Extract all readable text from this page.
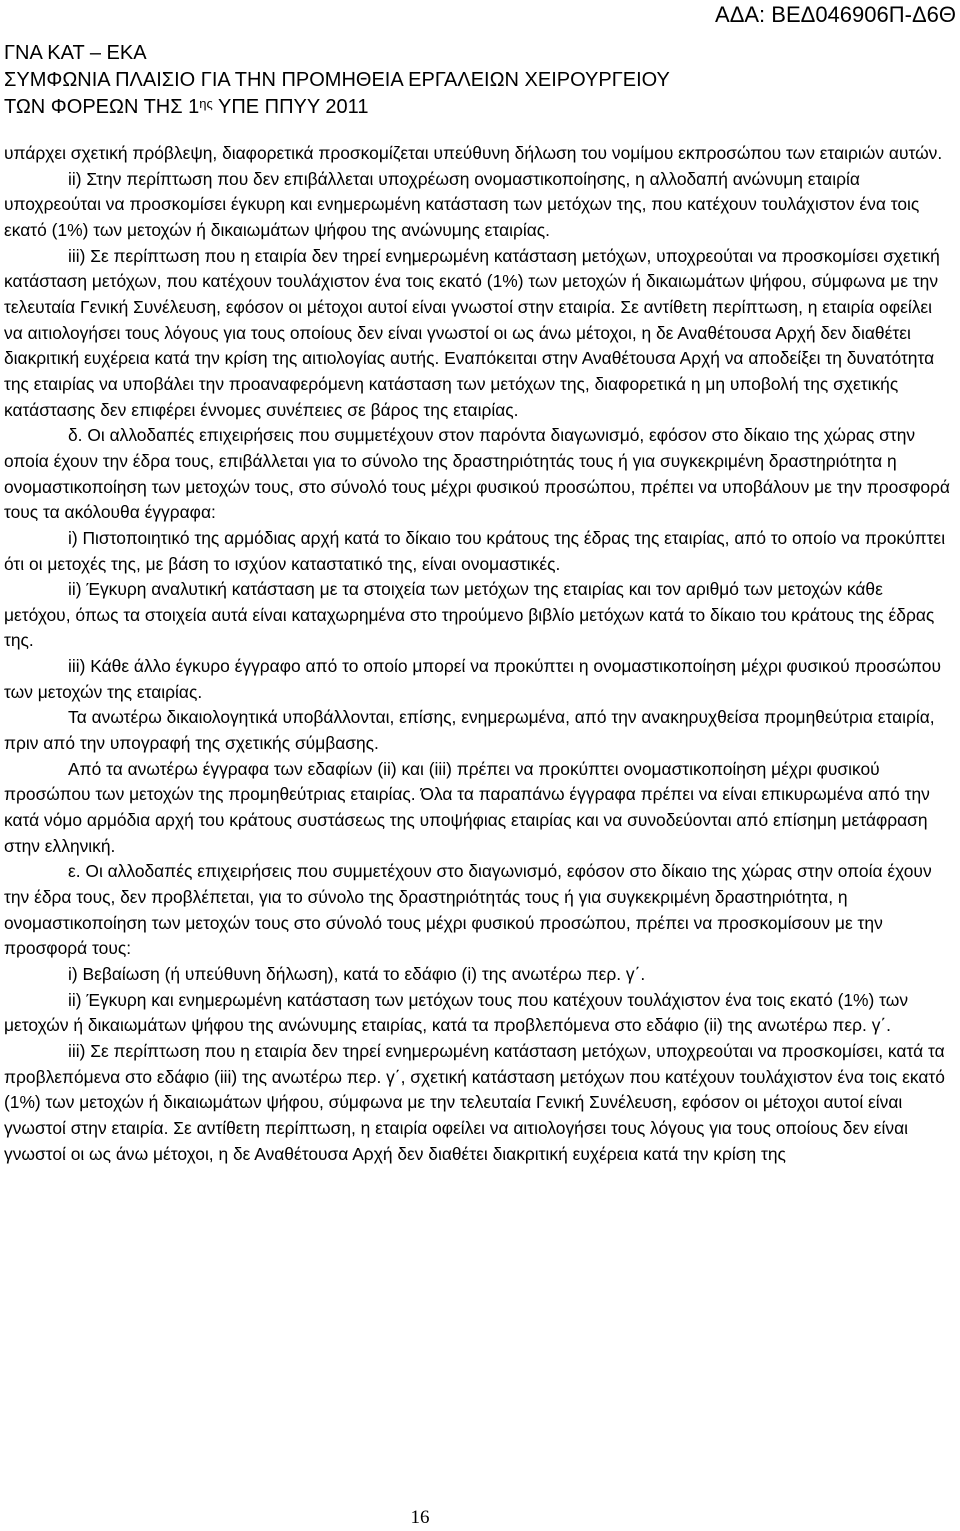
ΑΔΑ: ΒΕΔ046906Π-Δ6Θ
ΓΝΑ ΚΑΤ – ΕΚΑ
ΣΥΜΦΩΝΙΑ ΠΛΑΙΣΙΟ ΓΙΑ ΤΗΝ ΠΡΟΜΗΘΕΙΑ ΕΡΓΑΛΕΙΩΝ ΧΕΙΡΟΥΡΓΕΙΟΥ
ΤΩΝ ΦΟΡΕΩΝ ΤΗΣ $1^{\eta\varsigma}$ ΥΠΕ ΠΠΥΥ 2011

υπάρχει σχετική πρόβλεψη, διαφορετικά προσκομίζεται υπεύθυνη δήλωση του νομίμου εκπροσώπου των εταιριών αυτών.

ii) Στην περίπτωση που δεν επιβάλλεται υποχρέωση ονομαστικοποίησης, η αλλοδαπή ανώνυμη εταιρία υποχρεούται να προσκομίσει έγκυρη και ενημερωμένη κατάσταση των μετόχων της, που κατέχουν τουλάχιστον ένα τοις εκατό (1%) των μετοχών ή δικαιωμάτων ψήφου της ανώνυμης εταιρίας.

iii) Σε περίπτωση που η εταιρία δεν τηρεί ενημερωμένη κατάσταση μετόχων, υποχρεούται να προσκομίσει σχετική κατάσταση μετόχων, που κατέχουν τουλάχιστον ένα τοις εκατό (1%) των μετοχών ή δικαιωμάτων ψήφου, σύμφωνα με την τελευταία Γενική Συνέλευση, εφόσον οι μέτοχοι αυτοί είναι γνωστοί στην εταιρία. Σε αντίθετη περίπτωση, η εταιρία οφείλει να αιτιολογήσει τους λόγους για τους οποίους δεν είναι γνωστοί οι ως άνω μέτοχοι, η δε Αναθέτουσα Αρχή δεν διαθέτει διακριτική ευχέρεια κατά την κρίση της αιτιολογίας αυτής. Εναπόκειται στην Αναθέτουσα Αρχή να αποδείξει τη δυνατότητα της εταιρίας να υποβάλει την προαναφερόμενη κατάσταση των μετόχων της, διαφορετικά η μη υποβολή της σχετικής κατάστασης δεν επιφέρει έννομες συνέπειες σε βάρος της εταιρίας.

δ. Οι αλλοδαπές επιχειρήσεις που συμμετέχουν στον παρόντα διαγωνισμό, εφόσον στο δίκαιο της χώρας στην οποία έχουν την έδρα τους, επιβάλλεται για το σύνολο της δραστηριότητάς τους ή για συγκεκριμένη δραστηριότητα η ονομαστικοποίηση των μετοχών τους, στο σύνολό τους μέχρι φυσικού προσώπου, πρέπει να υποβάλουν με την προσφορά τους τα ακόλουθα έγγραφα:

i) Πιστοποιητικό της αρμόδιας αρχή κατά το δίκαιο του κράτους της έδρας της εταιρίας, από το οποίο να προκύπτει ότι οι μετοχές της, με βάση το ισχύον καταστατικό της, είναι ονομαστικές.

ii) Έγκυρη αναλυτική κατάσταση με τα στοιχεία των μετόχων της εταιρίας και τον αριθμό των μετοχών κάθε μετόχου, όπως τα στοιχεία αυτά είναι καταχωρημένα στο τηρούμενο βιβλίο μετόχων κατά το δίκαιο του κράτους της έδρας της.

iii) Κάθε άλλο έγκυρο έγγραφο από το οποίο μπορεί να προκύπτει η ονομαστικοποίηση μέχρι φυσικού προσώπου των μετοχών της εταιρίας.

Τα ανωτέρω δικαιολογητικά υποβάλλονται, επίσης, ενημερωμένα, από την ανακηρυχθείσα προμηθεύτρια εταιρία, πριν από την υπογραφή της σχετικής σύμβασης.

Από τα ανωτέρω έγγραφα των εδαφίων (ii) και (iii) πρέπει να προκύπτει ονομαστικοποίηση μέχρι φυσικού προσώπου των μετοχών της προμηθεύτριας εταιρίας. Όλα τα παραπάνω έγγραφα πρέπει να είναι επικυρωμένα από την κατά νόμο αρμόδια αρχή του κράτους συστάσεως της υποψήφιας εταιρίας και να συνοδεύονται από επίσημη μετάφραση στην ελληνική.

ε. Οι αλλοδαπές επιχειρήσεις που συμμετέχουν στο διαγωνισμό, εφόσον στο δίκαιο της χώρας στην οποία έχουν την έδρα τους, δεν προβλέπεται, για το σύνολο της δραστηριότητάς τους ή για συγκεκριμένη δραστηριότητα, η ονομαστικοποίηση των μετοχών τους στο σύνολό τους μέχρι φυσικού προσώπου, πρέπει να προσκομίσουν με την προσφορά τους:

i) Βεβαίωση (ή υπεύθυνη δήλωση), κατά το εδάφιο (i) της ανωτέρω περ. γ΄.

ii) Έγκυρη και ενημερωμένη κατάσταση των μετόχων τους που κατέχουν τουλάχιστον ένα τοις εκατό (1%) των μετοχών ή δικαιωμάτων ψήφου της ανώνυμης εταιρίας, κατά τα προβλεπόμενα στο εδάφιο (ii) της ανωτέρω περ. γ΄.

iii) Σε περίπτωση που η εταιρία δεν τηρεί ενημερωμένη κατάσταση μετόχων, υποχρεούται να προσκομίσει, κατά τα προβλεπόμενα στο εδάφιο (iii) της ανωτέρω περ. γ΄, σχετική κατάσταση μετόχων που κατέχουν τουλάχιστον ένα τοις εκατό (1%) των μετοχών ή δικαιωμάτων ψήφου, σύμφωνα με την τελευταία Γενική Συνέλευση, εφόσον οι μέτοχοι αυτοί είναι γνωστοί στην εταιρία. Σε αντίθετη περίπτωση, η εταιρία οφείλει να αιτιολογήσει τους λόγους για τους οποίους δεν είναι γνωστοί οι ως άνω μέτοχοι, η δε Αναθέτουσα Αρχή δεν διαθέτει διακριτική ευχέρεια κατά την κρίση της

16
